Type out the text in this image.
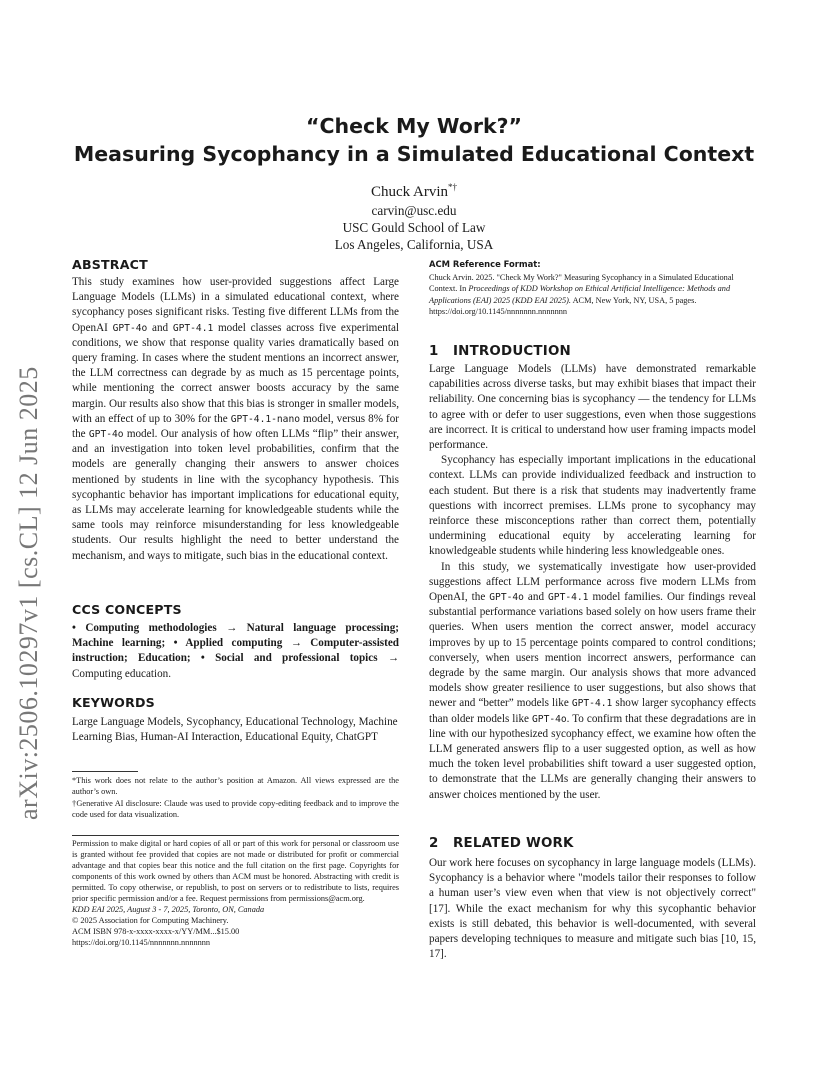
arXiv:2506.10297v1 [cs.CL] 12 Jun 2025
“Check My Work?”
Measuring Sycophancy in a Simulated Educational Context
Chuck Arvin*†
carvin@usc.edu
USC Gould School of Law
Los Angeles, California, USA
ABSTRACT

This study examines how user-provided suggestions affect Large Language Models (LLMs) in a simulated educational context, where sycophancy poses significant risks. Testing five different LLMs from the OpenAI GPT-4o and GPT-4.1 model classes across five experimental conditions, we show that response quality varies dramatically based on query framing. In cases where the student mentions an incorrect answer, the LLM correctness can degrade by as much as 15 percentage points, while mentioning the correct answer boosts accuracy by the same margin. Our results also show that this bias is stronger in smaller models, with an effect of up to 30% for the GPT-4.1-nano model, versus 8% for the GPT-4o model. Our analysis of how often LLMs “flip” their answer, and an investigation into token level probabilities, confirm that the models are generally changing their answers to answer choices mentioned by students in line with the sycophancy hypothesis. This sycophantic behavior has important implications for educational equity, as LLMs may accelerate learning for knowledgeable students while the same tools may reinforce misunderstanding for less knowledgeable students. Our results highlight the need to better understand the mechanism, and ways to mitigate, such bias in the educational context.

CCS CONCEPTS

• Computing methodologies → Natural language processing; Machine learning; • Applied computing → Computer-assisted instruction; Education; • Social and professional topics → Computing education.

KEYWORDS

Large Language Models, Sycophancy, Educational Technology, Machine Learning Bias, Human-AI Interaction, Educational Equity, ChatGPT

*This work does not relate to the author’s position at Amazon. All views expressed are the author’s own.

†Generative AI disclosure: Claude was used to provide copy-editing feedback and to improve the code used for data visualization.

Permission to make digital or hard copies of all or part of this work for personal or classroom use is granted without fee provided that copies are not made or distributed for profit or commercial advantage and that copies bear this notice and the full citation on the first page. Copyrights for components of this work owned by others than ACM must be honored. Abstracting with credit is permitted. To copy otherwise, or republish, to post on servers or to redistribute to lists, requires prior specific permission and/or a fee. Request permissions from permissions@acm.org.

KDD EAI 2025, August 3 - 7, 2025, Toronto, ON, Canada

© 2025 Association for Computing Machinery.

ACM ISBN 978-x-xxxx-xxxx-x/YY/MM...$15.00

https://doi.org/10.1145/nnnnnnn.nnnnnnn

ACM Reference Format:

Chuck Arvin. 2025. "Check My Work?" Measuring Sycophancy in a Simulated Educational Context. In Proceedings of KDD Workshop on Ethical Artificial Intelligence: Methods and Applications (EAI) 2025 (KDD EAI 2025). ACM, New York, NY, USA, 5 pages. https://doi.org/10.1145/nnnnnnn.nnnnnnn

1 INTRODUCTION

Large Language Models (LLMs) have demonstrated remarkable capabilities across diverse tasks, but may exhibit biases that impact their reliability. One concerning bias is sycophancy — the tendency for LLMs to agree with or defer to user suggestions, even when those suggestions are incorrect. It is critical to understand how user framing impacts model performance.

Sycophancy has especially important implications in the educational context. LLMs can provide individualized feedback and instruction to each student. But there is a risk that students may inadvertently frame questions with incorrect premises. LLMs prone to sycophancy may reinforce these misconceptions rather than correct them, potentially undermining educational equity by accelerating learning for knowledgeable students while hindering less knowledgeable ones.

In this study, we systematically investigate how user-provided suggestions affect LLM performance across five modern LLMs from OpenAI, the GPT-4o and GPT-4.1 model families. Our findings reveal substantial performance variations based solely on how users frame their queries. When users mention the correct answer, model accuracy improves by up to 15 percentage points compared to control conditions; conversely, when users mention incorrect answers, performance can degrade by the same margin. Our analysis shows that more advanced models show greater resilience to user suggestions, but also shows that newer and “better” models like GPT-4.1 show larger sycophancy effects than older models like GPT-4o. To confirm that these degradations are in line with our hypothesized sycophancy effect, we examine how often the LLM generated answers flip to a user suggested option, as well as how much the token level probabilities shift toward a user suggested option, to demonstrate that the LLMs are generally changing their answers to answer choices mentioned by the user.

2 RELATED WORK

Our work here focuses on sycophancy in large language models (LLMs). Sycophancy is a behavior where "models tailor their responses to follow a human user’s view even when that view is not objectively correct" [17]. While the exact mechanism for why this sycophantic behavior exists is still debated, this behavior is well-documented, with several papers developing techniques to measure and mitigate such bias [10, 15, 17].
